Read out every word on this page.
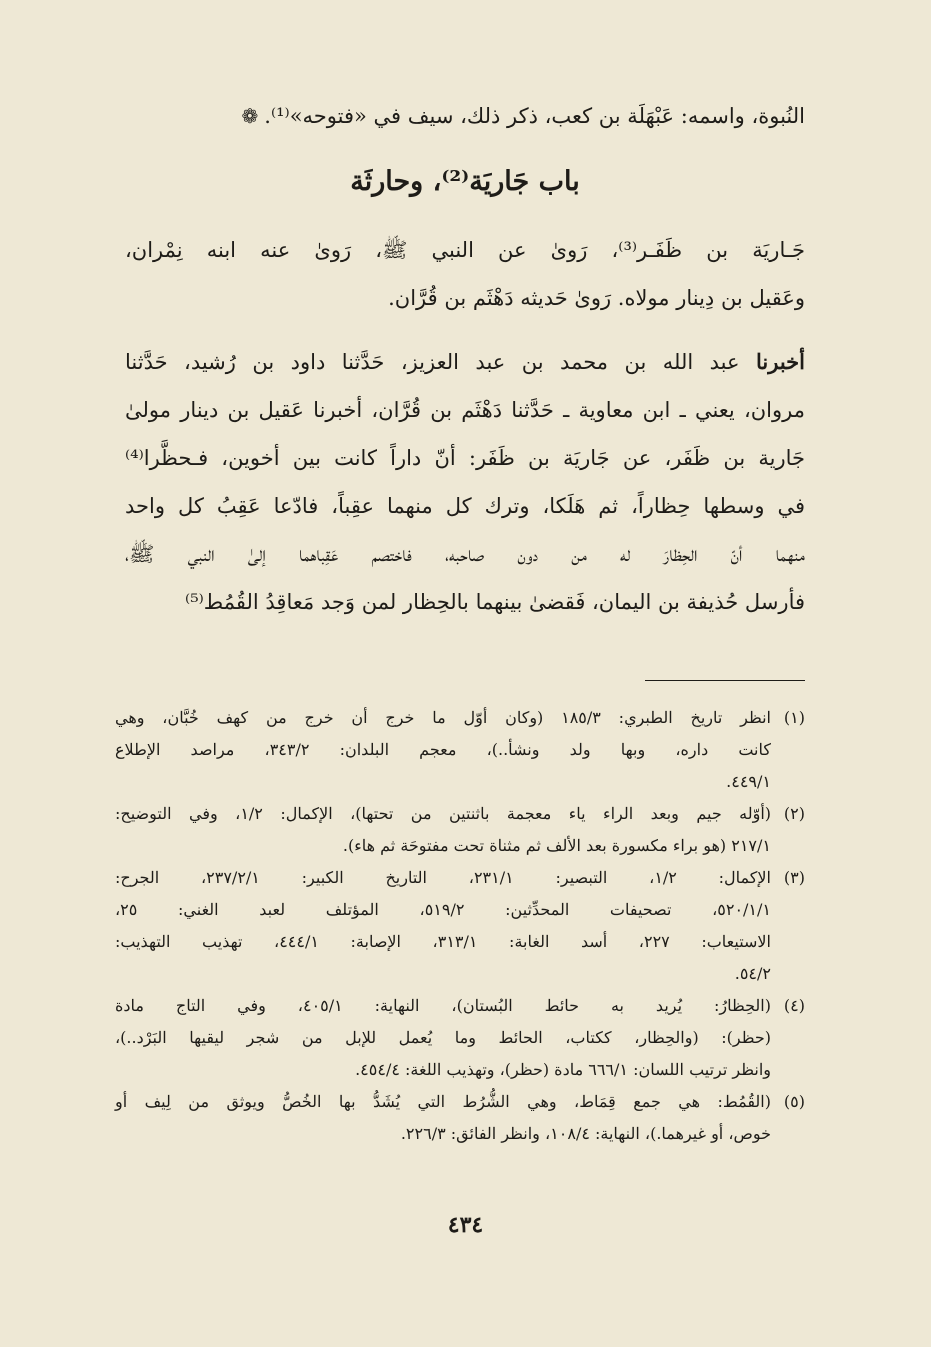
النُبوة، واسمه: عَبْهَلَة بن كعب، ذكر ذلك، سيف في «فتوحه»⁽¹⁾.❁
باب جَاريَة⁽²⁾، وحارثَة
جَـاريَة بن ظَفَـر⁽³⁾، رَوىٰ عن النبي ﷺ، رَوىٰ عنه ابنه نِمْران،
وعَقيل بن دِينار مولاه. رَوىٰ حَديثه دَهْثَم بن قُرَّان.
أخبرنا عبد الله بن محمد بن عبد العزيز، حَدَّثنا داود بن رُشيد، حَدَّثنا
مروان، يعني ـ ابن معاوية ـ حَدَّثنا دَهْثَم بن قُرَّان، أخبرنا عَقيل بن دينار مولىٰ
جَارية بن ظَفَر، عن جَاريَة بن ظَفَر: أنّ داراً كانت بين أخوين، فـحظَّرا⁽⁴⁾
في وسطها حِظاراً، ثم هَلَكا، وترك كل منهما عقِباً، فادّعا عَقِبُ كل واحد
منهما أنّ الحِظارَ له من دون صاحبه، فاختصم عَقِباهما إلىٰ النبي ﷺ،
فأرسل حُذيفة بن اليمان، فَقضىٰ بينهما بالحِظار لمن وَجد مَعاقِدُ القُمُط⁽⁵⁾
(١)
انظر تاريخ الطبري: ١٨٥/٣ (وكان أوّل ما خرج أن خرج من كهف خُبَّان، وهي
كانت داره، وبها ولد ونشأ..)، معجم البلدان: ٣٤٣/٢، مراصد الإطلاع
٤٤٩/١.
(٢)
(أوّله جيم وبعد الراء ياء معجمة باثنتين من تحتها)، الإكمال: ١/٢، وفي التوضيح:
٢١٧/١ (هو براء مكسورة بعد الألف ثم مثناة تحت مفتوحَة ثم هاء).
(٣)
الإكمال: ١/٢، التبصير: ٢٣١/١، التاريخ الكبير: ٢٣٧/٢/١، الجرح:
٥٢٠/١/١، تصحيفات المحدِّثين: ٥١٩/٢، المؤتلف لعبد الغني: ٢٥،
الاستيعاب: ٢٢٧، أسد الغابة: ٣١٣/١، الإصابة: ٤٤٤/١، تهذيب التهذيب:
٥٤/٢.
(٤)
(الحِظارُ: يُريد به حائط البُستان)، النهاية: ٤٠٥/١، وفي التاج مادة
(حظر): (والحِظار، ككتاب، الحائط وما يُعمل للإبل من شجر ليقيها البَرْد..)،
وانظر ترتيب اللسان: ٦٦٦/١ مادة (حظر)، وتهذيب اللغة: ٤٥٤/٤.
(٥)
(القُمُط: هي جمع قِمَاط، وهي الشُّرُط التي يُشَدُّ بها الخُصُّ ويوثق من لِيف أو
خوص، أو غيرهما.)، النهاية: ١٠٨/٤، وانظر الفائق: ٢٢٦/٣.
٤٣٤
